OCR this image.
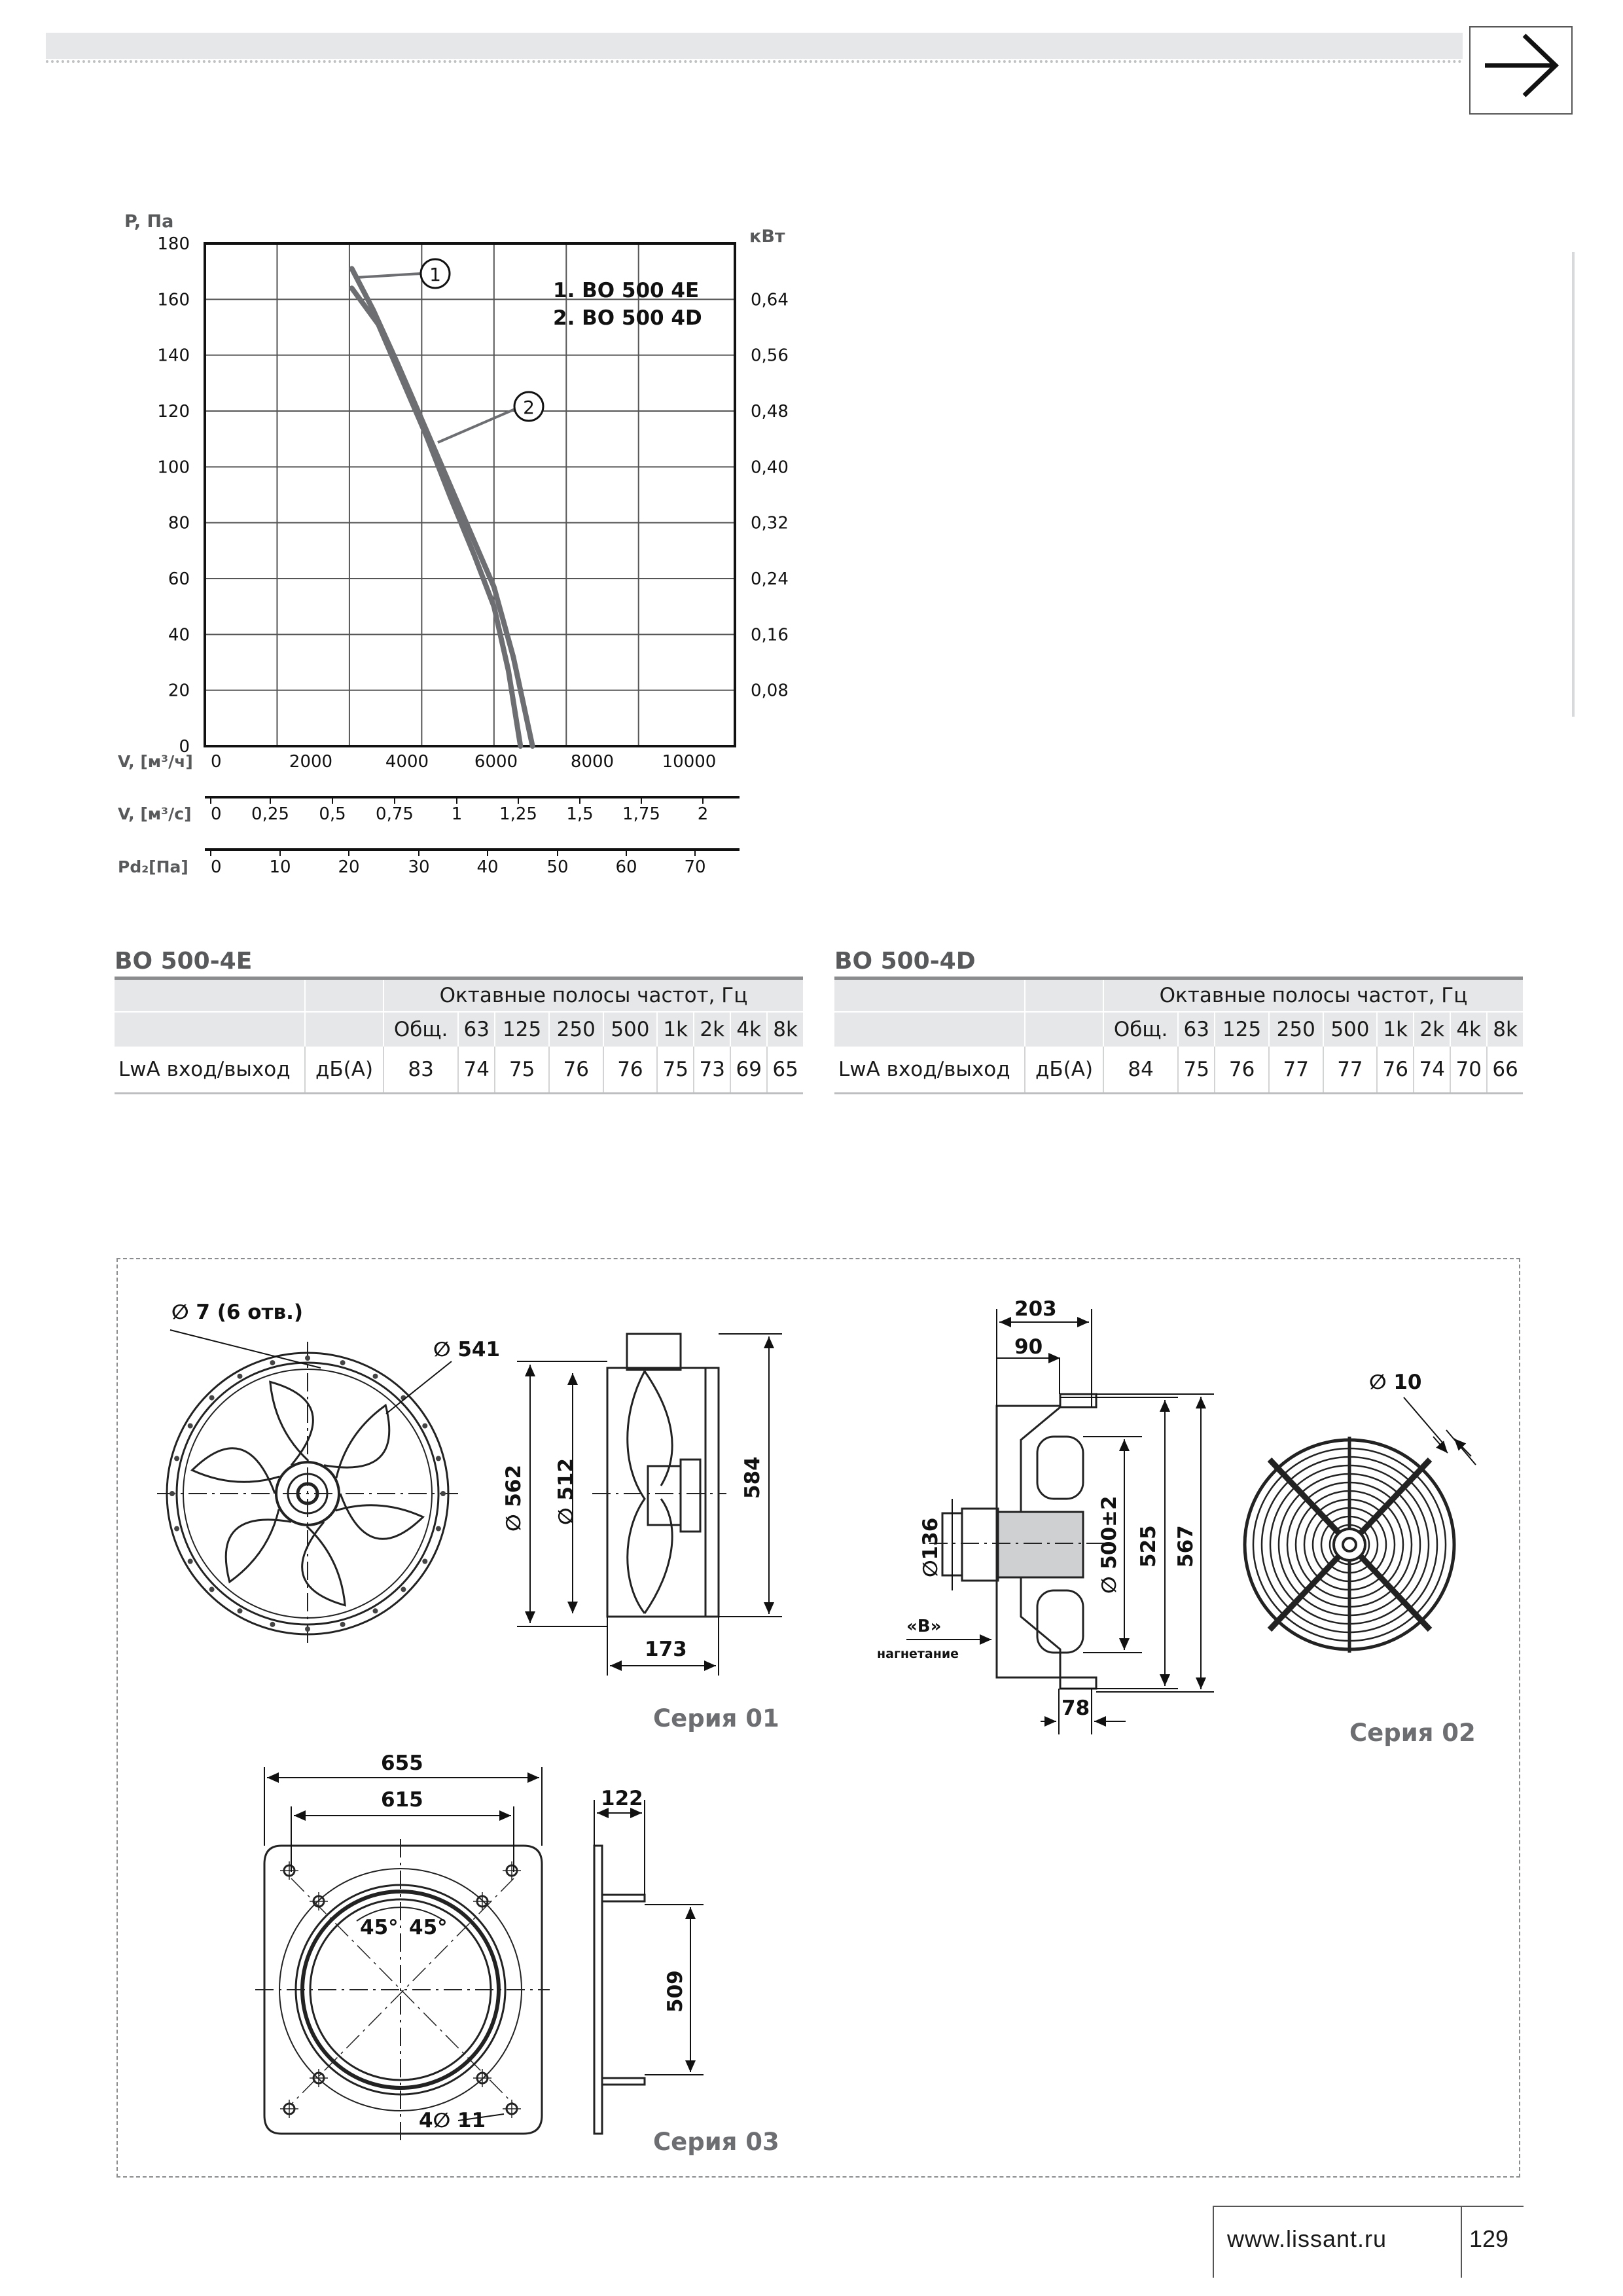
0
20
40
60
80
100
120
140
160
180
0,08
0,16
0,24
0,32
0,40
0,48
0,56
0,64
P, Па
кВт
1. BO 500 4E
2. BO 500 4D
1
2
V, [м³/ч] 0	2000	4000	6000	8000	10000
V, [м³/с] 0 0,25 0,5 0,75 1 1,25 1,5 1,75 2
Pd₂[Па] 0	10	20	30	40	50	60	70
BO 500-4E
		Октавные полосы частот, Гц								
		Общ.	63	125	250	500	1k	2k	4k	8k
LwA вход/выход	дБ(А)	83	74	75	76	76	75	73	69	65
BO 500-4D
		Октавные полосы частот, Гц								
		Общ.	63	125	250	500	1k	2k	4k	8k
LwA вход/выход	дБ(А)	84	75	76	77	77	76	74	70	66
∅ 7 (6 отв.)
∅ 541
∅ 562 ∅ 512	584
173
Серия 01
203
90
∅136	∅ 500±2 525 567
78
«В»
нагнетание
∅ 10
Серия 02
655
615
45° 45°
4∅ 11
122
509
Серия 03
www.lissant.ru	129
